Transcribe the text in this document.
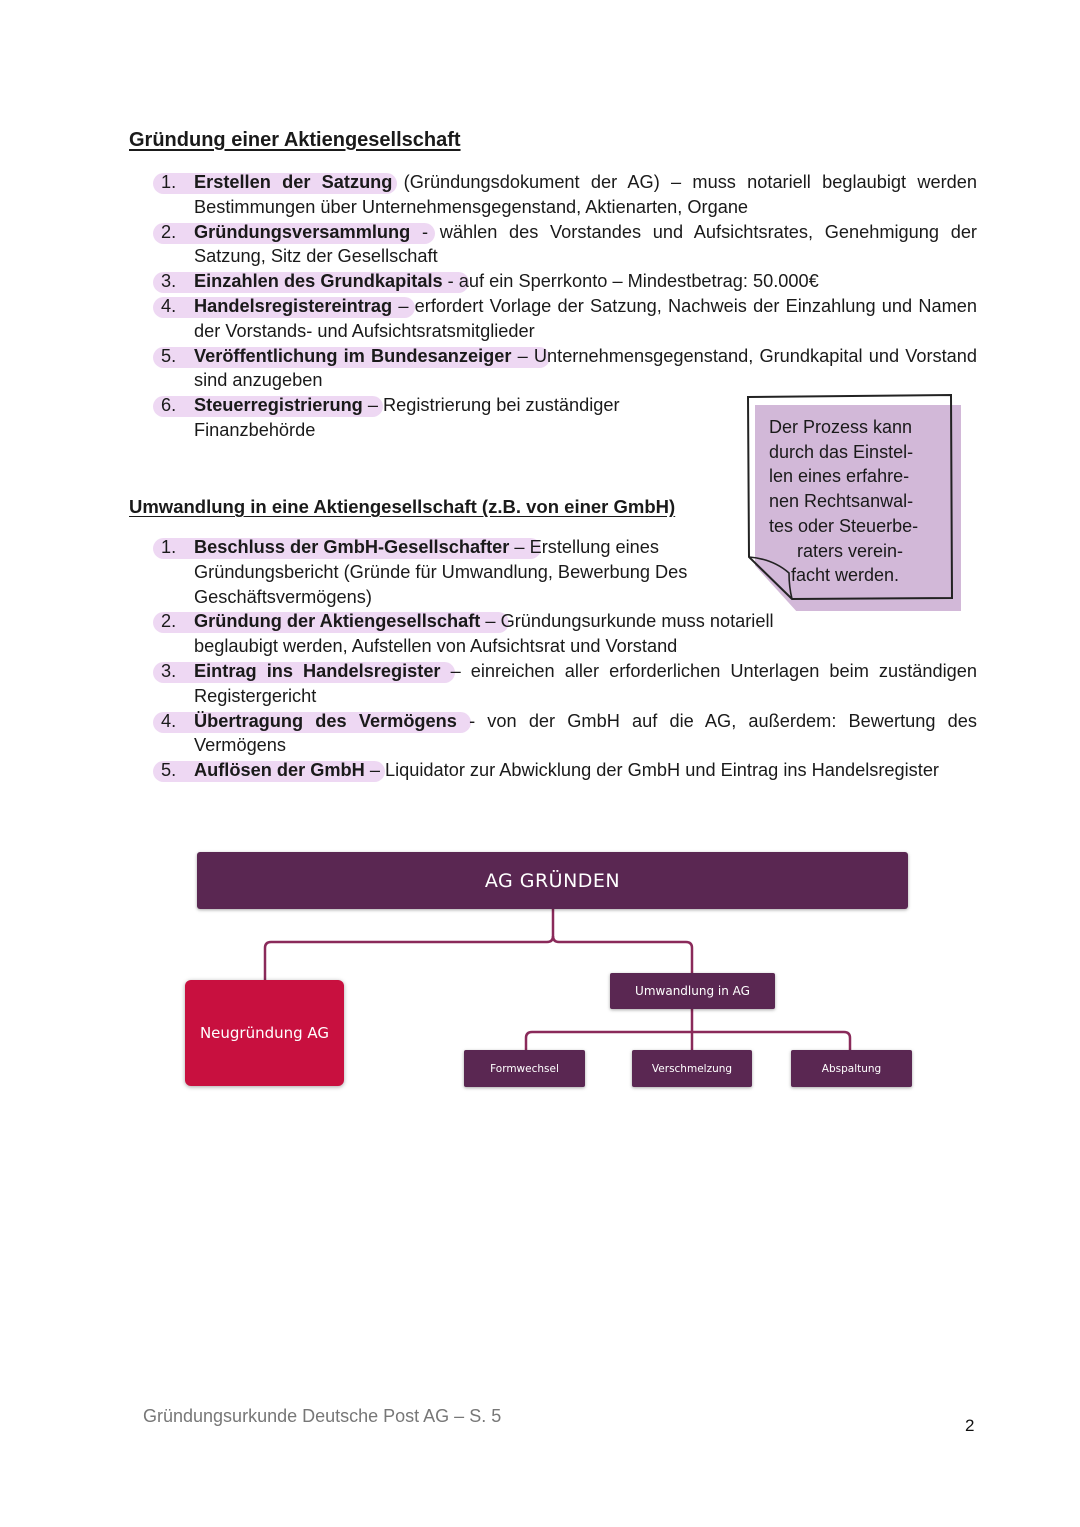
Gründung einer Aktiengesellschaft
1. Erstellen der Satzung (Gründungsdokument der AG) – muss notariell beglaubigt werden Bestimmungen über Unternehmensgegenstand, Aktienarten, Organe
2. Gründungsversammlung - wählen des Vorstandes und Aufsichtsrates, Genehmigung der Satzung, Sitz der Gesellschaft
3. Einzahlen des Grundkapitals - auf ein Sperrkonto – Mindestbetrag: 50.000€
4. Handelsregistereintrag – erfordert Vorlage der Satzung, Nachweis der Einzahlung und Namen der Vorstands- und Aufsichtsratsmitglieder
5. Veröffentlichung im Bundesanzeiger – Unternehmensgegenstand, Grundkapital und Vorstand sind anzugeben
6. Steuerregistrierung – Registrierung bei zuständiger Finanzbehörde	Der Prozess kann
durch das Einstel-
len eines erfahre-
nen Rechtsanwal-
tes oder Steuerbe-
raters verein-
facht werden.
Umwandlung in eine Aktiengesellschaft (z.B. von einer GmbH)
1. Beschluss der GmbH-Gesellschafter – Erstellung eines Gründungsbericht (Gründe für Umwandlung, Bewerbung Des Geschäftsvermögens)
2. Gründung der Aktiengesellschaft – Gründungsurkunde muss notariell beglaubigt werden, Aufstellen von Aufsichtsrat und Vorstand
3. Eintrag ins Handelsregister – einreichen aller erforderlichen Unterlagen beim zuständigen Registergericht
4. Übertragung des Vermögens - von der GmbH auf die AG, außerdem: Bewertung des Vermögens
5. Auflösen der GmbH – Liquidator zur Abwicklung der GmbH und Eintrag ins Handelsregister
AG GRÜNDEN
Neugründung AG
Umwandlung in AG
Formwechsel	Verschmelzung	Abspaltung
Gründungsurkunde Deutsche Post AG – S. 5	2
